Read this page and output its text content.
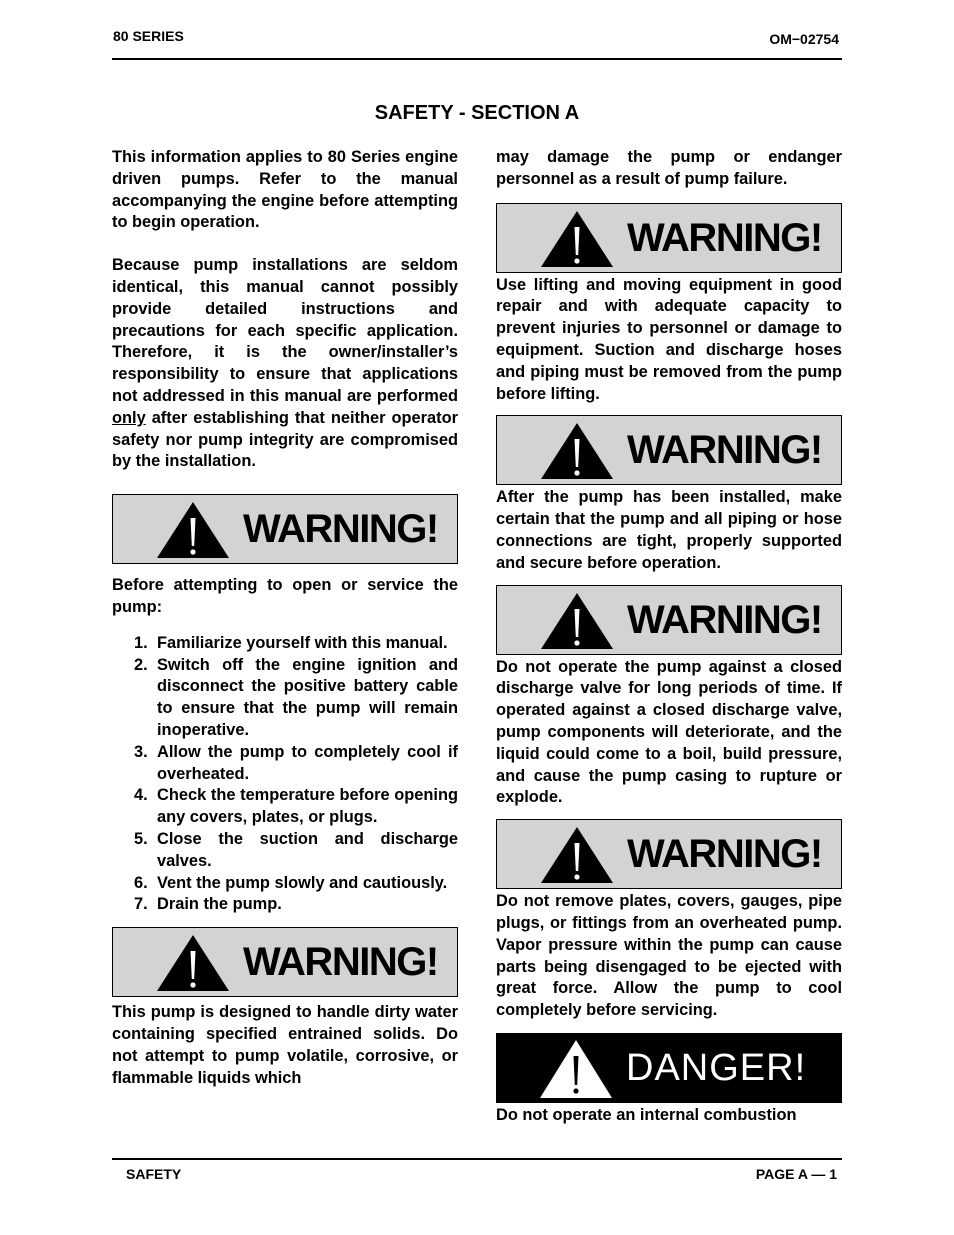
80 SERIES	OM−02754
SAFETY - SECTION A

This information applies to 80 Series engine driven pumps. Refer to the manual accompanying the engine before attempting to begin operation.

Because pump installations are seldom identical, this manual cannot possibly provide detailed instructions and precautions for each specific application. Therefore, it is the owner/installer’s responsibility to ensure that applications not addressed in this manual are performed only after establishing that neither operator safety nor pump integrity are compromised by the installation.

WARNING!

Before attempting to open or service the pump:

1. Familiarize yourself with this manual.
2. Switch off the engine ignition and disconnect the positive battery cable to ensure that the pump will remain inoperative.
3. Allow the pump to completely cool if overheated.
4. Check the temperature before opening any covers, plates, or plugs.
5. Close the suction and discharge valves.
6. Vent the pump slowly and cautiously.
7. Drain the pump.
WARNING!

This pump is designed to handle dirty water containing specified entrained solids. Do not attempt to pump volatile, corrosive, or flammable liquids which

may damage the pump or endanger personnel as a result of pump failure.

WARNING!

Use lifting and moving equipment in good repair and with adequate capacity to prevent injuries to personnel or damage to equipment. Suction and discharge hoses and piping must be removed from the pump before lifting.

WARNING!

After the pump has been installed, make certain that the pump and all piping or hose connections are tight, properly supported and secure before operation.

WARNING!

Do not operate the pump against a closed discharge valve for long periods of time. If operated against a closed discharge valve, pump components will deteriorate, and the liquid could come to a boil, build pressure, and cause the pump casing to rupture or explode.

WARNING!

Do not remove plates, covers, gauges, pipe plugs, or fittings from an overheated pump. Vapor pressure within the pump can cause parts being disengaged to be ejected with great force. Allow the pump to cool completely before servicing.

DANGER!

Do not operate an internal combustion

SAFETY	PAGE A — 1
